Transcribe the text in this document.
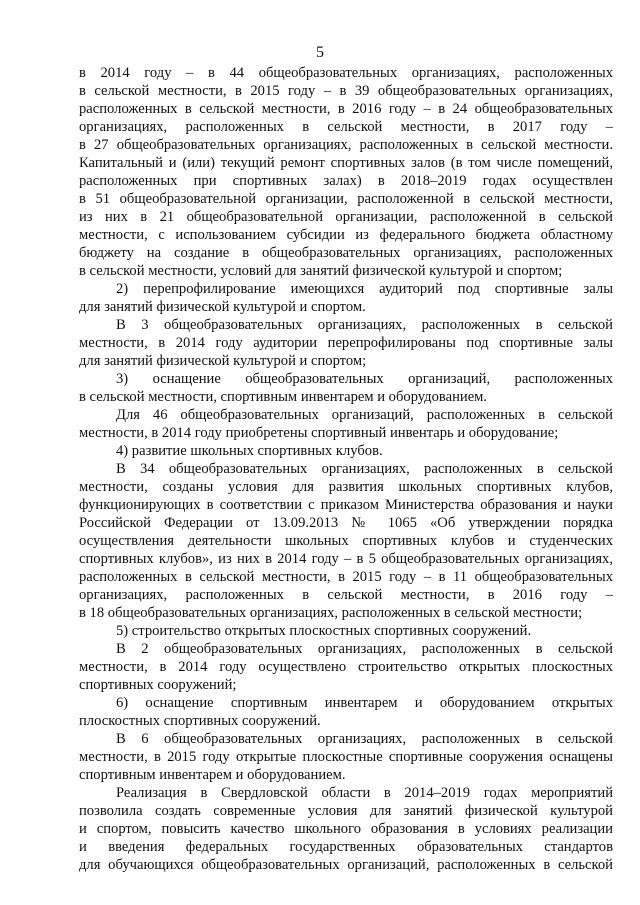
5
в 2014 году – в 44 общеобразовательных организациях, расположенных
в сельской местности, в 2015 году – в 39 общеобразовательных организациях,
расположенных в сельской местности, в 2016 году – в 24 общеобразовательных
организациях, расположенных в сельской местности, в 2017 году –
в 27 общеобразовательных организациях, расположенных в сельской местности.
Капитальный и (или) текущий ремонт спортивных залов (в том числе помещений,
расположенных при спортивных залах) в 2018–2019 годах осуществлен
в 51 общеобразовательной организации, расположенной в сельской местности,
из них в 21 общеобразовательной организации, расположенной в сельской
местности, с использованием субсидии из федерального бюджета областному
бюджету на создание в общеобразовательных организациях, расположенных
в сельской местности, условий для занятий физической культурой и спортом;
2) перепрофилирование имеющихся аудиторий под спортивные залы
для занятий физической культурой и спортом.
В 3 общеобразовательных организациях, расположенных в сельской
местности, в 2014 году аудитории перепрофилированы под спортивные залы
для занятий физической культурой и спортом;
3) оснащение общеобразовательных организаций, расположенных
в сельской местности, спортивным инвентарем и оборудованием.
Для 46 общеобразовательных организаций, расположенных в сельской
местности, в 2014 году приобретены спортивный инвентарь и оборудование;
4) развитие школьных спортивных клубов.
В 34 общеобразовательных организациях, расположенных в сельской
местности, созданы условия для развития школьных спортивных клубов,
функционирующих в соответствии с приказом Министерства образования и науки
Российской Федерации от 13.09.2013 № 1065 «Об утверждении порядка
осуществления деятельности школьных спортивных клубов и студенческих
спортивных клубов», из них в 2014 году – в 5 общеобразовательных организациях,
расположенных в сельской местности, в 2015 году – в 11 общеобразовательных
организациях, расположенных в сельской местности, в 2016 году –
в 18 общеобразовательных организациях, расположенных в сельской местности;
5) строительство открытых плоскостных спортивных сооружений.
В 2 общеобразовательных организациях, расположенных в сельской
местности, в 2014 году осуществлено строительство открытых плоскостных
спортивных сооружений;
6) оснащение спортивным инвентарем и оборудованием открытых
плоскостных спортивных сооружений.
В 6 общеобразовательных организациях, расположенных в сельской
местности, в 2015 году открытые плоскостные спортивные сооружения оснащены
спортивным инвентарем и оборудованием.
Реализация в Свердловской области в 2014–2019 годах мероприятий
позволила создать современные условия для занятий физической культурой
и спортом, повысить качество школьного образования в условиях реализации
и введения федеральных государственных образовательных стандартов
для обучающихся общеобразовательных организаций, расположенных в сельской
